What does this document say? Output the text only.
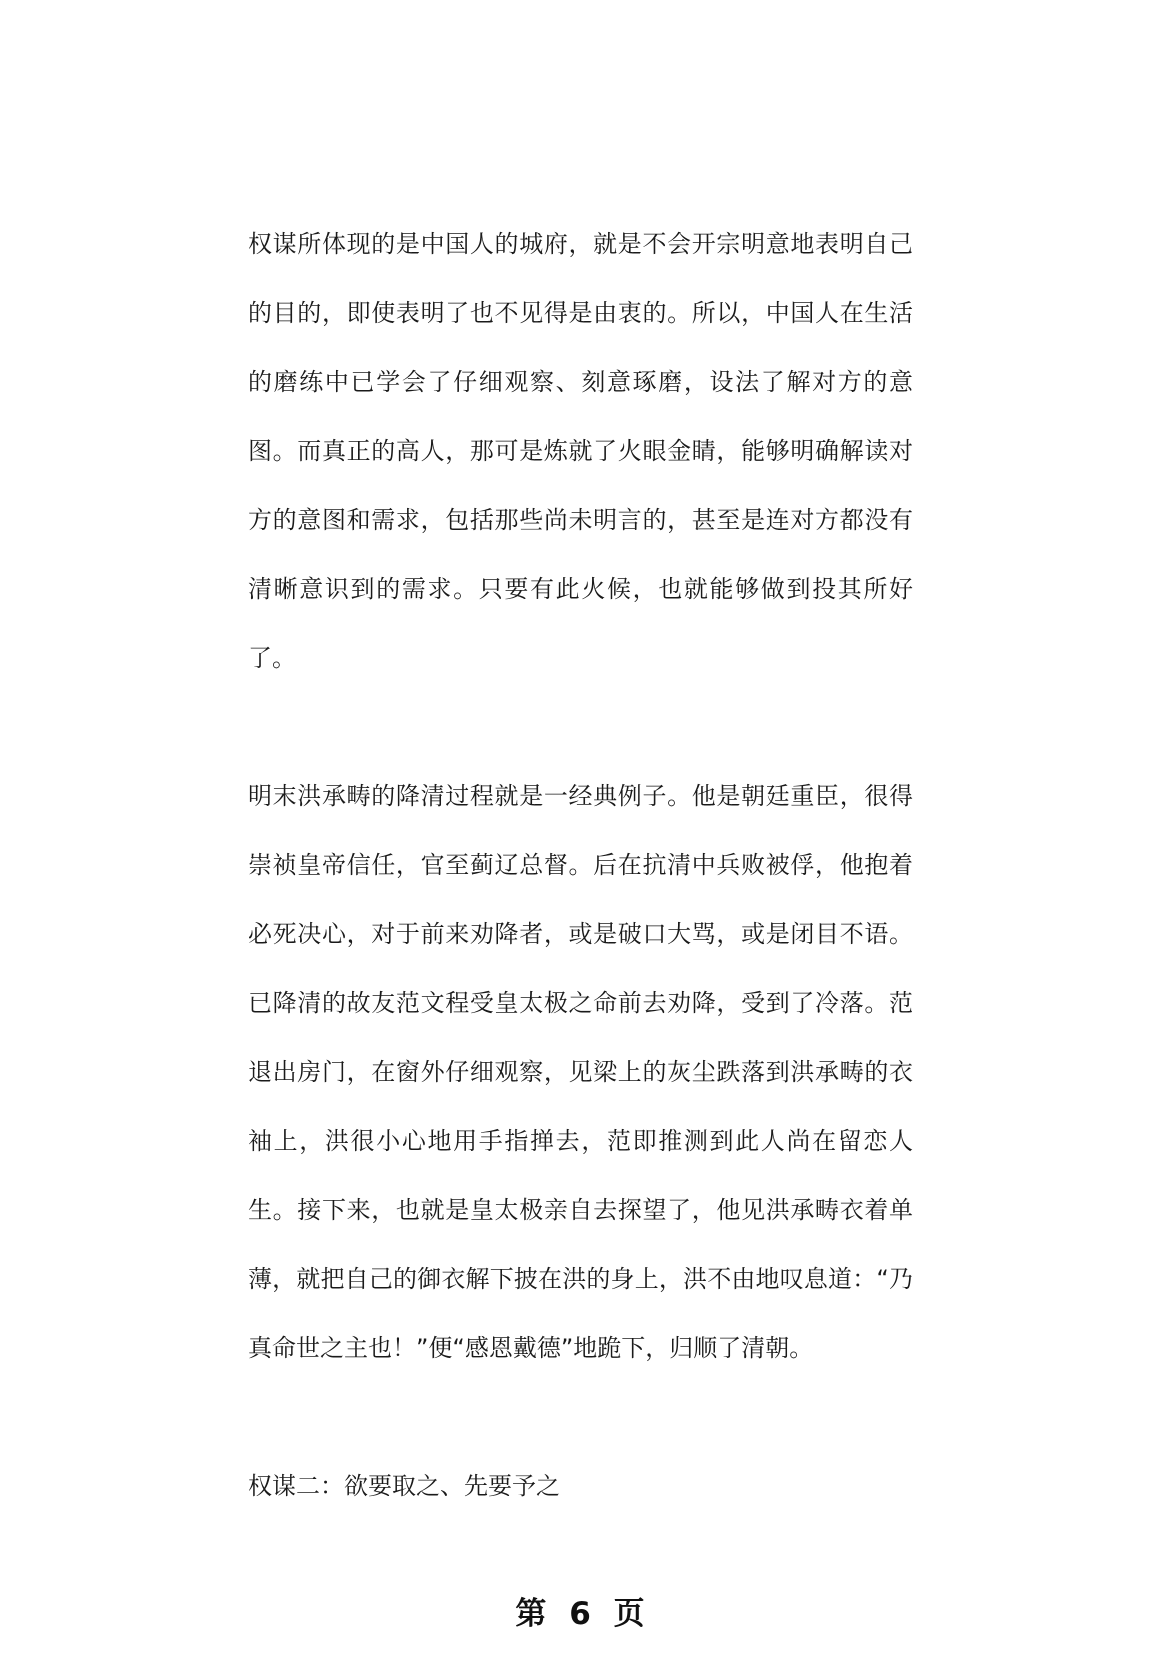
权谋所体现的是中国人的城府，就是不会开宗明意地表明自己的目的，即使表明了也不见得是由衷的。所以，中国人在生活的磨练中已学会了仔细观察、刻意琢磨，设法了解对方的意图。而真正的高人，那可是炼就了火眼金睛，能够明确解读对方的意图和需求，包括那些尚未明言的，甚至是连对方都没有清晰意识到的需求。只要有此火候，也就能够做到投其所好了。

明末洪承畴的降清过程就是一经典例子。他是朝廷重臣，很得崇祯皇帝信任，官至蓟辽总督。后在抗清中兵败被俘，他抱着必死决心，对于前来劝降者，或是破口大骂，或是闭目不语。已降清的故友范文程受皇太极之命前去劝降，受到了冷落。范退出房门，在窗外仔细观察，见梁上的灰尘跌落到洪承畴的衣袖上，洪很小心地用手指掸去，范即推测到此人尚在留恋人生。接下来，也就是皇太极亲自去探望了，他见洪承畴衣着单薄，就把自己的御衣解下披在洪的身上，洪不由地叹息道：“乃真命世之主也！”便“感恩戴德”地跪下，归顺了清朝。

权谋二：欲要取之、先要予之

第 6 页
